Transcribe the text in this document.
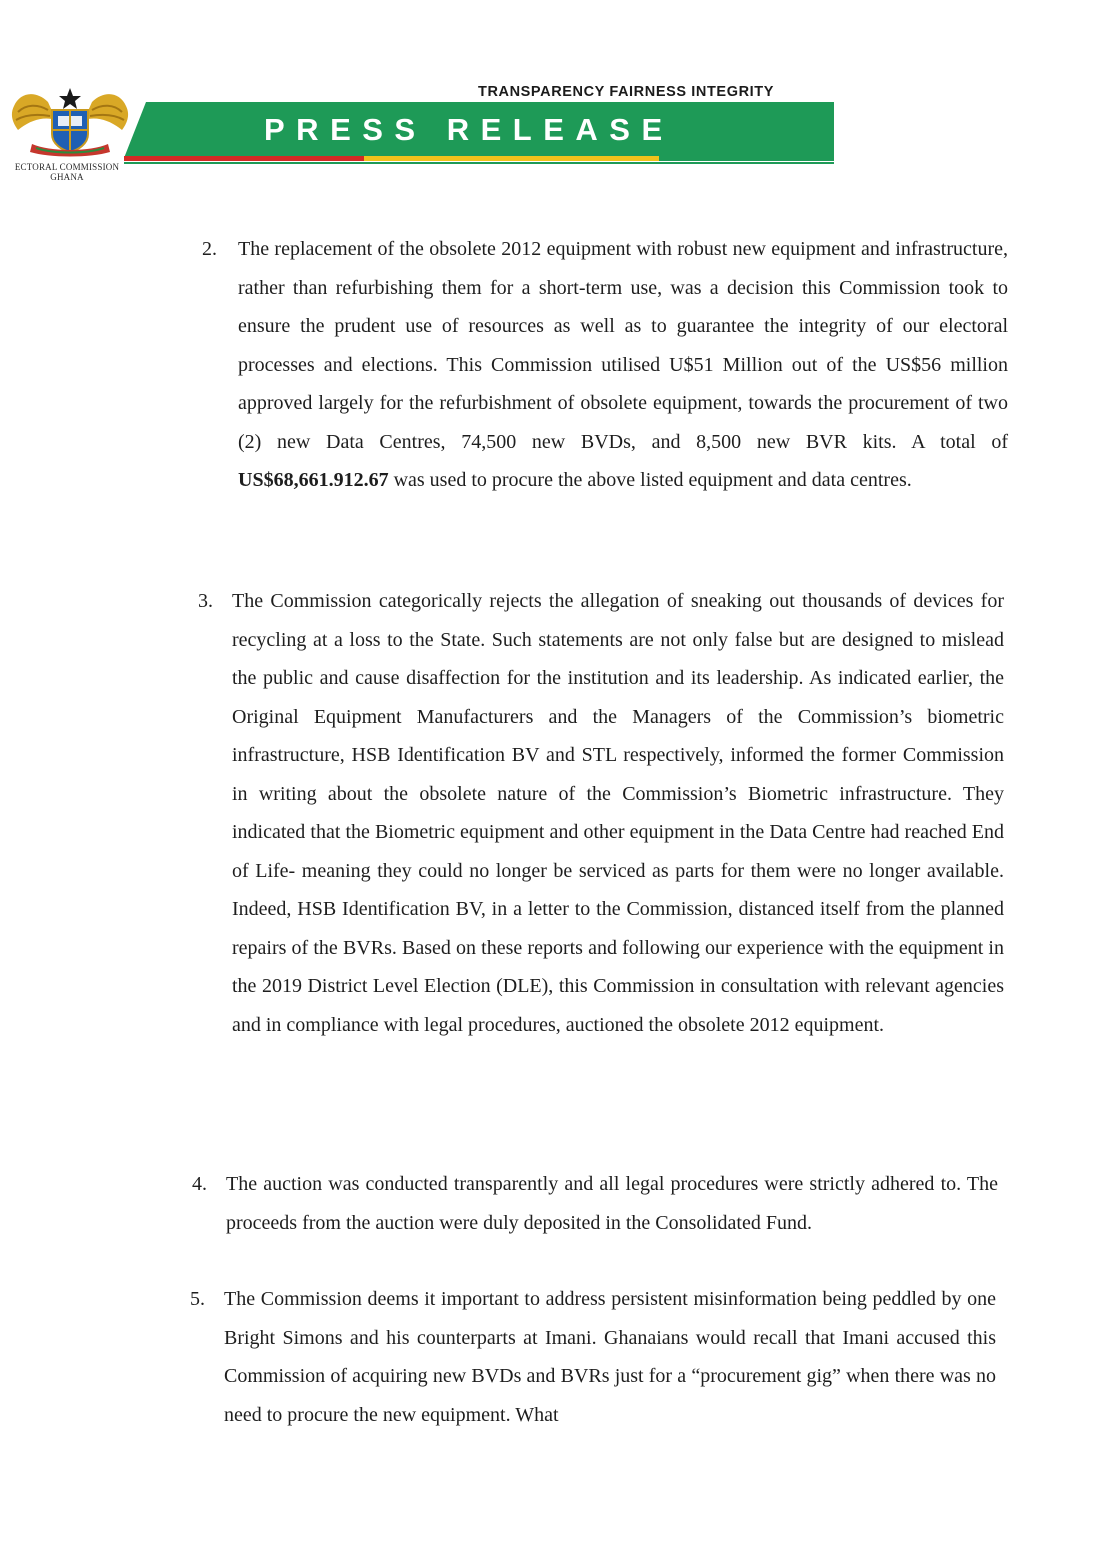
ECTORAL COMMISSION
GHANA
TRANSPARENCY FAIRNESS INTEGRITY
PRESS RELEASE
2. The replacement of the obsolete 2012 equipment with robust new equipment and infrastructure, rather than refurbishing them for a short-term use, was a decision this Commission took to ensure the prudent use of resources as well as to guarantee the integrity of our electoral processes and elections. This Commission utilised U$51 Million out of the US$56 million approved largely for the refurbishment of obsolete equipment, towards the procurement of two (2) new Data Centres, 74,500 new BVDs, and 8,500 new BVR kits. A total of US$68,661.912.67 was used to procure the above listed equipment and data centres.
3. The Commission categorically rejects the allegation of sneaking out thousands of devices for recycling at a loss to the State. Such statements are not only false but are designed to mislead the public and cause disaffection for the institution and its leadership. As indicated earlier, the Original Equipment Manufacturers and the Managers of the Commission’s biometric infrastructure, HSB Identification BV and STL respectively, informed the former Commission in writing about the obsolete nature of the Commission’s Biometric infrastructure. They indicated that the Biometric equipment and other equipment in the Data Centre had reached End of Life- meaning they could no longer be serviced as parts for them were no longer available. Indeed, HSB Identification BV, in a letter to the Commission, distanced itself from the planned repairs of the BVRs. Based on these reports and following our experience with the equipment in the 2019 District Level Election (DLE), this Commission in consultation with relevant agencies and in compliance with legal procedures, auctioned the obsolete 2012 equipment.
4. The auction was conducted transparently and all legal procedures were strictly adhered to. The proceeds from the auction were duly deposited in the Consolidated Fund.
5. The Commission deems it important to address persistent misinformation being peddled by one Bright Simons and his counterparts at Imani. Ghanaians would recall that Imani accused this Commission of acquiring new BVDs and BVRs just for a “procurement gig” when there was no need to procure the new equipment. What
